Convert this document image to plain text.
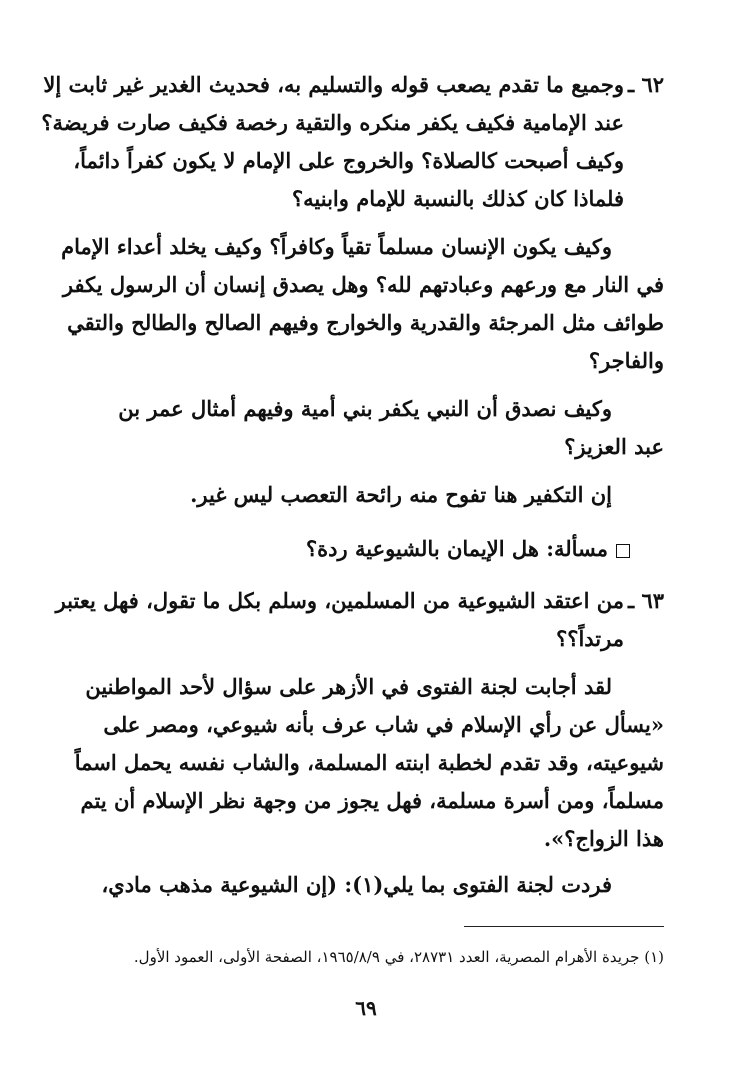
٦٢ ـوجميع ما تقدم يصعب قوله والتسليم به، فحديث الغدير غير ثابت إلا
عند الإمامية فكيف يكفر منكره والتقية رخصة فكيف صارت فريضة؟
وكيف أصبحت كالصلاة؟ والخروج على الإمام لا يكون كفراً دائماً،
فلماذا كان كذلك بالنسبة للإمام وابنيه؟
وكيف يكون الإنسان مسلماً تقياً وكافراً؟ وكيف يخلد أعداء الإمام
في النار مع ورعهم وعبادتهم لله؟ وهل يصدق إنسان أن الرسول يكفر
طوائف مثل المرجئة والقدرية والخوارج وفيهم الصالح والطالح والتقي
والفاجر؟
وكيف نصدق أن النبي يكفر بني أمية وفيهم أمثال عمر بن
عبد العزيز؟
إن التكفير هنا تفوح منه رائحة التعصب ليس غير.
مسألة: هل الإيمان بالشيوعية ردة؟
٦٣ ـمن اعتقد الشيوعية من المسلمين، وسلم بكل ما تقول، فهل يعتبر
مرتداً؟؟
لقد أجابت لجنة الفتوى في الأزهر على سؤال لأحد المواطنين
«يسأل عن رأي الإسلام في شاب عرف بأنه شيوعي، ومصر على
شيوعيته، وقد تقدم لخطبة ابنته المسلمة، والشاب نفسه يحمل اسماً
مسلماً، ومن أسرة مسلمة، فهل يجوز من وجهة نظر الإسلام أن يتم
هذا الزواج؟».
فردت لجنة الفتوى بما يلي(١): (إن الشيوعية مذهب مادي،
(١) جريدة الأهرام المصرية، العدد ٢٨٧٣١، في ١٩٦٥/٨/٩، الصفحة الأولى، العمود الأول.
٦٩
